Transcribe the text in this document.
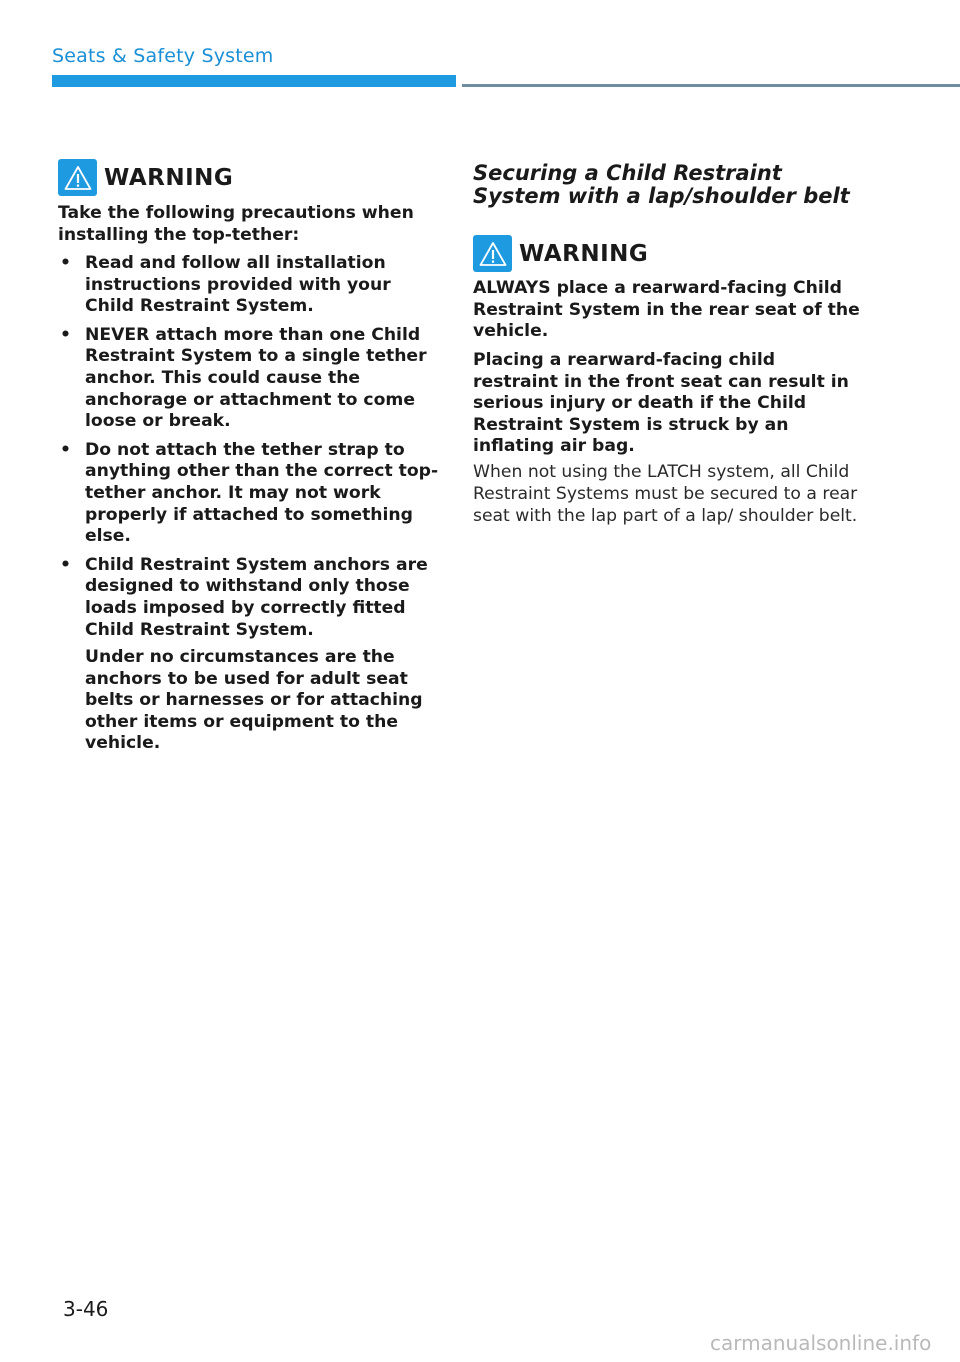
Seats & Safety System
WARNING

Take the following precautions when installing the top-tether:

• Read and follow all installation instructions provided with your Child Restraint System.
• NEVER attach more than one Child Restraint System to a single tether anchor. This could cause the anchorage or attachment to come loose or break.
• Do not attach the tether strap to anything other than the correct top-tether anchor. It may not work properly if attached to something else.
• Child Restraint System anchors are designed to withstand only those loads imposed by correctly fitted Child Restraint System.
Under no circumstances are the anchors to be used for adult seat belts or harnesses or for attaching other items or equipment to the vehicle.
Securing a Child Restraint System with a lap/shoulder belt
WARNING

ALWAYS place a rearward-facing Child Restraint System in the rear seat of the vehicle.

Placing a rearward-facing child restraint in the front seat can result in serious injury or death if the Child Restraint System is struck by an inflating air bag.

When not using the LATCH system, all Child Restraint Systems must be secured to a rear seat with the lap part of a lap/ shoulder belt.

3-46
carmanualsonline.info
